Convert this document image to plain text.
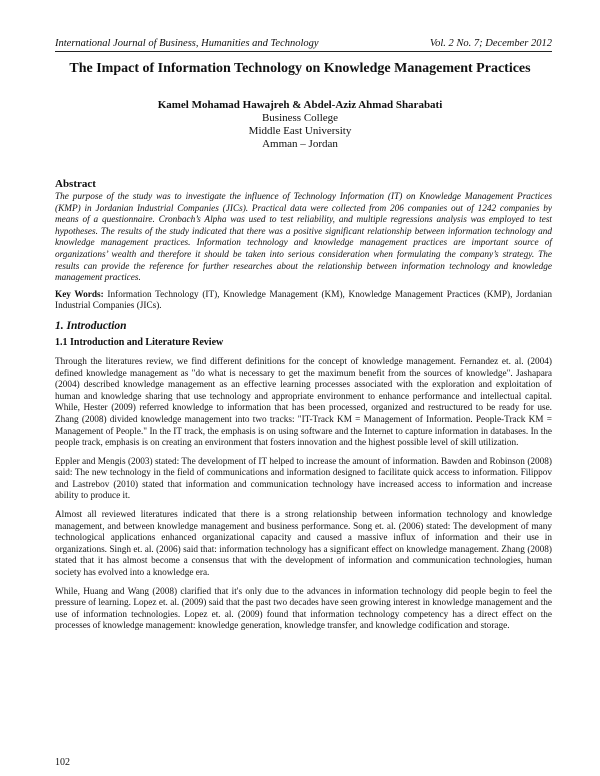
International Journal of Business, Humanities and Technology	Vol. 2 No. 7; December 2012
The Impact of Information Technology on Knowledge Management Practices
Kamel Mohamad Hawajreh & Abdel-Aziz Ahmad Sharabati
Business College
Middle East University
Amman – Jordan
Abstract

The purpose of the study was to investigate the influence of Technology Information (IT) on Knowledge Management Practices (KMP) in Jordanian Industrial Companies (JICs). Practical data were collected from 206 companies out of 1242 companies by means of a questionnaire. Cronbach’s Alpha was used to test reliability, and multiple regressions analysis was employed to test hypotheses. The results of the study indicated that there was a positive significant relationship between information technology and knowledge management practices. Information technology and knowledge management practices are important source of organizations’ wealth and therefore it should be taken into serious consideration when formulating the company’s strategy. The results can provide the reference for further researches about the relationship between information technology and knowledge management practices.

Key Words: Information Technology (IT), Knowledge Management (KM), Knowledge Management Practices (KMP), Jordanian Industrial Companies (JICs).

1. Introduction
1.1 Introduction and Literature Review

Through the literatures review, we find different definitions for the concept of knowledge management. Fernandez et. al. (2004) defined knowledge management as "do what is necessary to get the maximum benefit from the sources of knowledge". Jashapara (2004) described knowledge management as an effective learning processes associated with the exploration and exploitation of human and knowledge sharing that use technology and appropriate environment to enhance performance and intellectual capital. While, Hester (2009) referred knowledge to information that has been processed, organized and restructured to be ready for use. Zhang (2008) divided knowledge management into two tracks: "IT-Track KM = Management of Information. People-Track KM = Management of People." In the IT track, the emphasis is on using software and the Internet to capture information in databases. In the people track, emphasis is on creating an environment that fosters innovation and the highest possible level of skill utilization.

Eppler and Mengis (2003) stated: The development of IT helped to increase the amount of information. Bawden and Robinson (2008) said: The new technology in the field of communications and information designed to facilitate quick access to information. Filippov and Lastrebov (2010) stated that information and communication technology have increased access to information and increase ability to produce it.

Almost all reviewed literatures indicated that there is a strong relationship between information technology and knowledge management, and between knowledge management and business performance. Song et. al. (2006) stated: The development of many technological applications enhanced organizational capacity and caused a massive influx of information and their use in organizations. Singh et. al. (2006) said that: information technology has a significant effect on knowledge management. Zhang (2008) stated that it has almost become a consensus that with the development of information and communication technologies, human society has evolved into a knowledge era.

While, Huang and Wang (2008) clarified that it's only due to the advances in information technology did people begin to feel the pressure of learning. Lopez et. al. (2009) said that the past two decades have seen growing interest in knowledge management and the use of information technologies. Lopez et. al. (2009) found that information technology competency has a direct effect on the processes of knowledge management: knowledge generation, knowledge transfer, and knowledge codification and storage.

102
